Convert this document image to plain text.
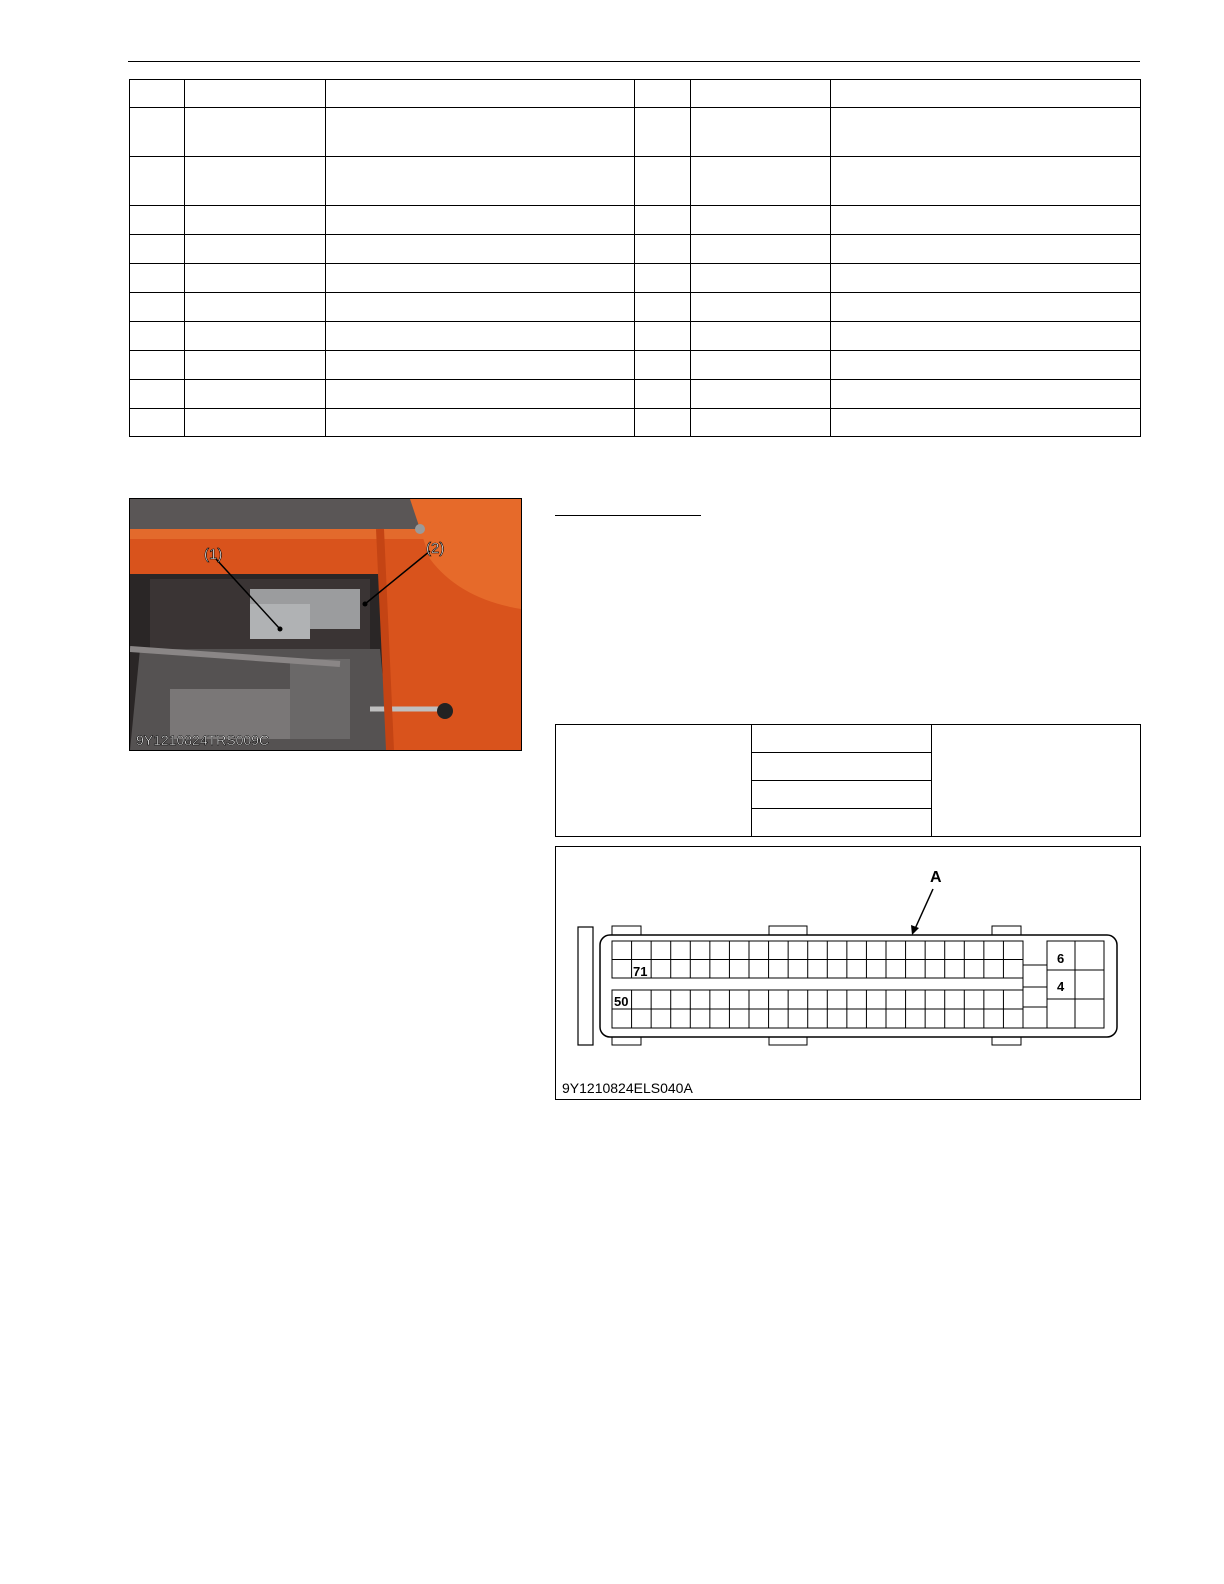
(1)	(2)
9Y1210824TRS009C

A
71
50
6
4
9Y1210824ELS040A
